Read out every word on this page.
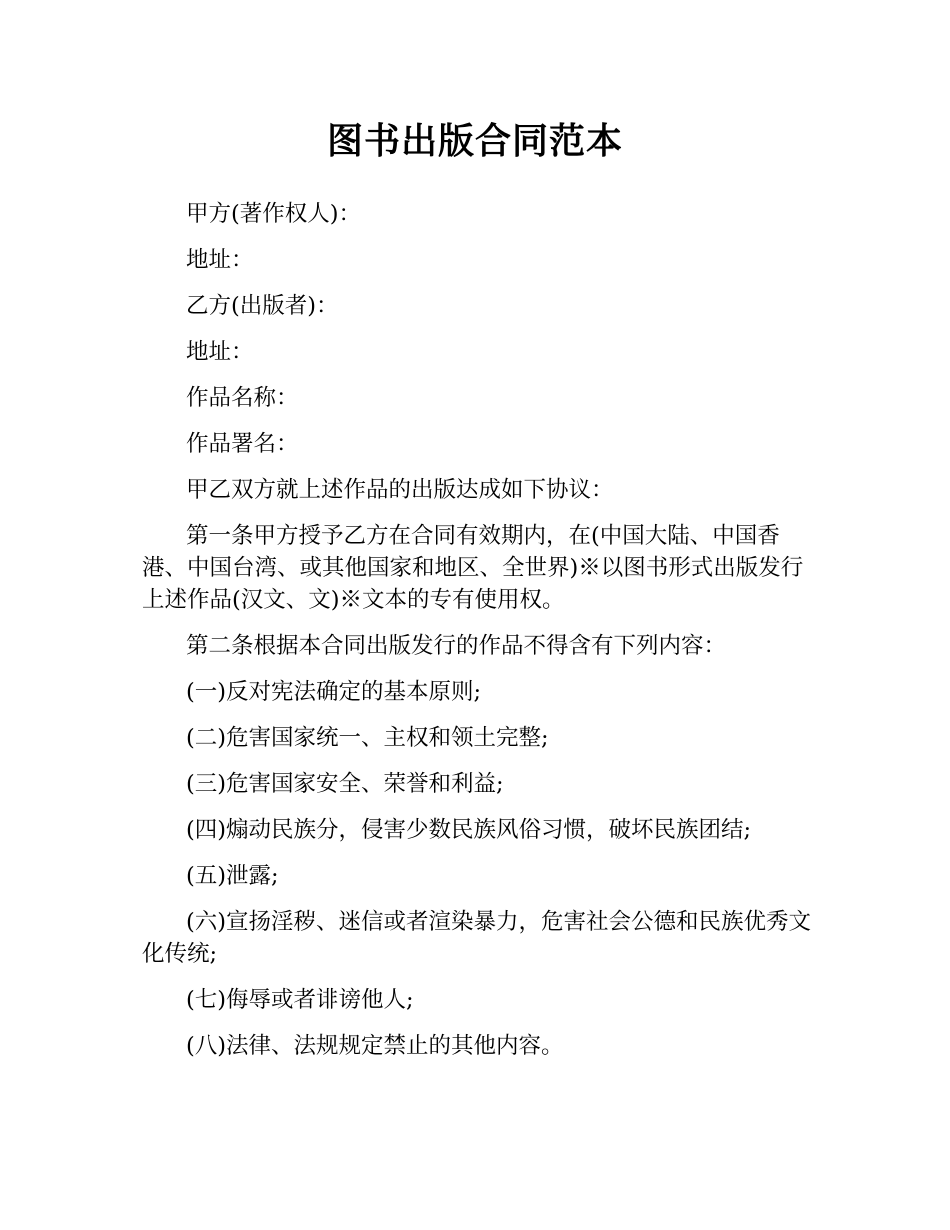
图书出版合同范本

甲方(著作权人)：

地址：

乙方(出版者)：

地址：

作品名称：

作品署名：

甲乙双方就上述作品的出版达成如下协议：

第一条甲方授予乙方在合同有效期内，在(中国大陆、中国香港、中国台湾、或其他国家和地区、全世界)※以图书形式出版发行上述作品(汉文、文)※文本的专有使用权。

第二条根据本合同出版发行的作品不得含有下列内容：

(一)反对宪法确定的基本原则;

(二)危害国家统一、主权和领土完整;

(三)危害国家安全、荣誉和利益;

(四)煽动民族分，侵害少数民族风俗习惯，破坏民族团结;

(五)泄露;

(六)宣扬淫秽、迷信或者渲染暴力，危害社会公德和民族优秀文化传统;

(七)侮辱或者诽谤他人;

(八)法律、法规规定禁止的其他内容。
